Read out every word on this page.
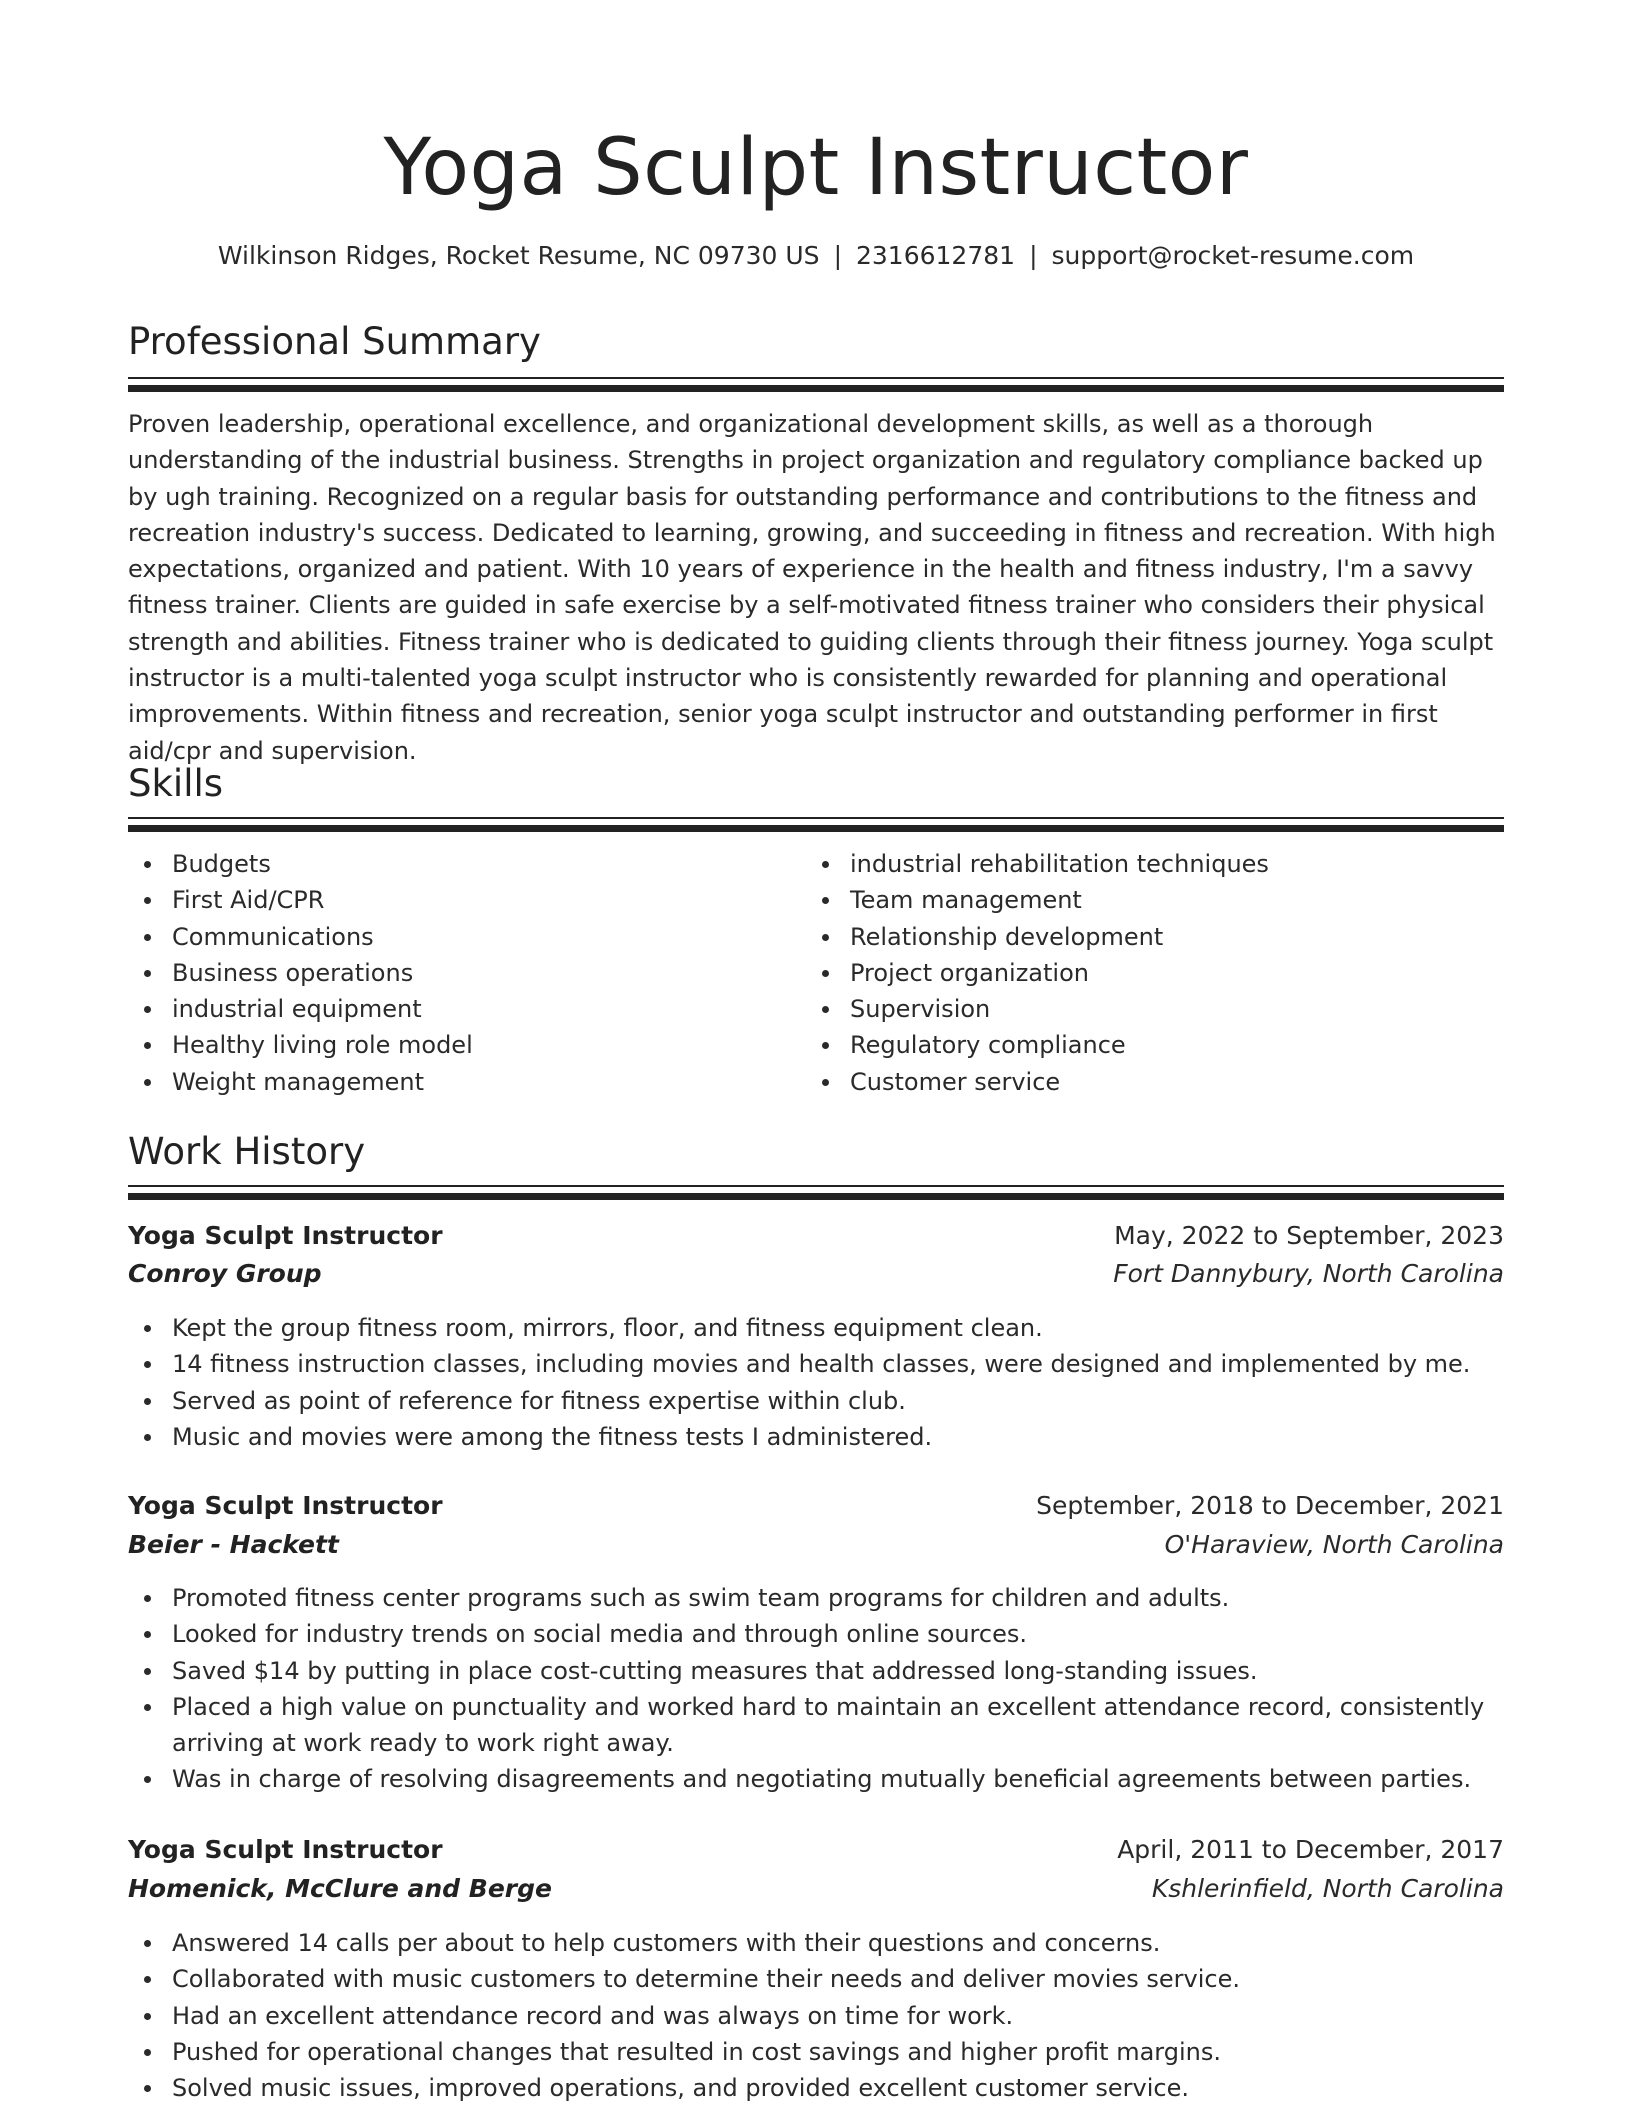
Yoga Sculpt Instructor
Wilkinson Ridges, Rocket Resume, NC 09730 US | 2316612781 | support@rocket-resume.com
Professional Summary

Proven leadership, operational excellence, and organizational development skills, as well as a thorough understanding of the industrial business. Strengths in project organization and regulatory compliance backed up by ugh training. Recognized on a regular basis for outstanding performance and contributions to the fitness and recreation industry's success. Dedicated to learning, growing, and succeeding in fitness and recreation. With high expectations, organized and patient. With 10 years of experience in the health and fitness industry, I'm a savvy fitness trainer. Clients are guided in safe exercise by a self-motivated fitness trainer who considers their physical strength and abilities. Fitness trainer who is dedicated to guiding clients through their fitness journey. Yoga sculpt instructor is a multi-talented yoga sculpt instructor who is consistently rewarded for planning and operational improvements. Within fitness and recreation, senior yoga sculpt instructor and outstanding performer in first aid/cpr and supervision.

Skills
Budgets
First Aid/CPR
Communications
Business operations
industrial equipment
Healthy living role model
Weight management
industrial rehabilitation techniques
Team management
Relationship development
Project organization
Supervision
Regulatory compliance
Customer service
Work History
Yoga Sculpt Instructor	May, 2022 to September, 2023
Conroy Group	Fort Dannybury, North Carolina
Kept the group fitness room, mirrors, floor, and fitness equipment clean.
14 fitness instruction classes, including movies and health classes, were designed and implemented by me.
Served as point of reference for fitness expertise within club.
Music and movies were among the fitness tests I administered.
Yoga Sculpt Instructor	September, 2018 to December, 2021
Beier - Hackett	O'Haraview, North Carolina
Promoted fitness center programs such as swim team programs for children and adults.
Looked for industry trends on social media and through online sources.
Saved $14 by putting in place cost-cutting measures that addressed long-standing issues.
Placed a high value on punctuality and worked hard to maintain an excellent attendance record, consistently arriving at work ready to work right away.
Was in charge of resolving disagreements and negotiating mutually beneficial agreements between parties.
Yoga Sculpt Instructor	April, 2011 to December, 2017
Homenick, McClure and Berge	Kshlerinfield, North Carolina
Answered 14 calls per about to help customers with their questions and concerns.
Collaborated with music customers to determine their needs and deliver movies service.
Had an excellent attendance record and was always on time for work.
Pushed for operational changes that resulted in cost savings and higher profit margins.
Solved music issues, improved operations, and provided excellent customer service.
